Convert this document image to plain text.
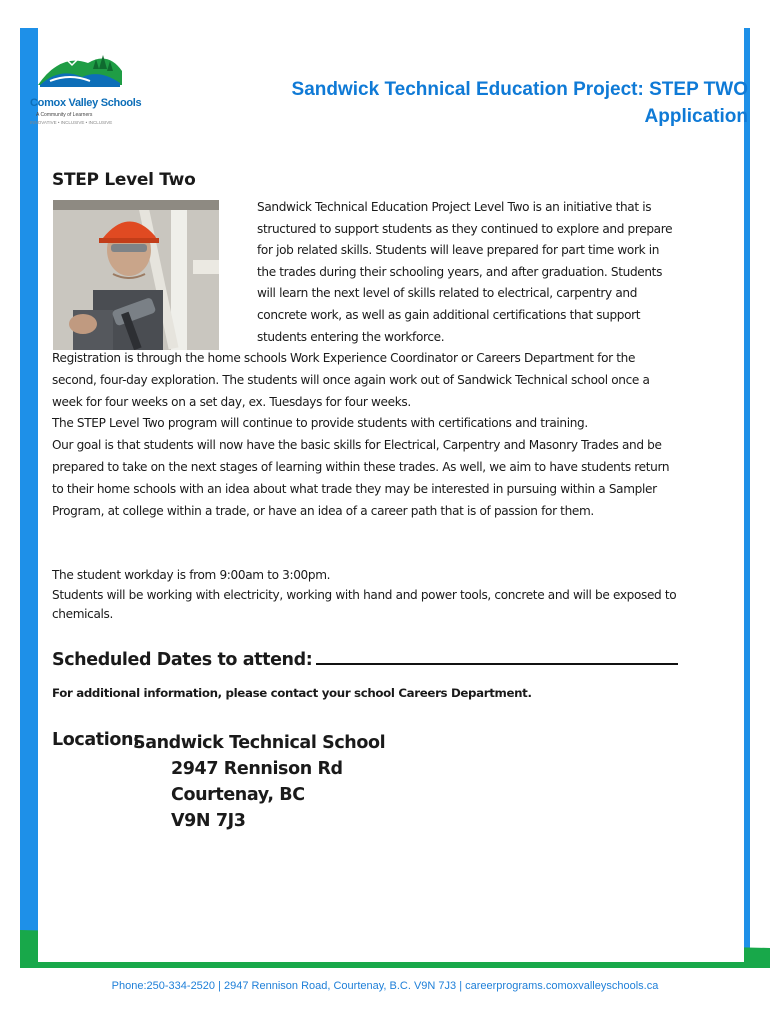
Comox Valley Schools
A Community of Learners
INNOVATIVE • INCLUSIVE • INCLUSIVE
Sandwick Technical Education Project: STEP TWO
Application
STEP Level Two

Sandwick Technical Education Project Level Two is an initiative that is structured to support students as they continued to explore and prepare for job related skills. Students will leave prepared for part time work in the trades during their schooling years, and after graduation. Students will learn the next level of skills related to electrical, carpentry and concrete work, as well as gain additional certifications that support students entering the workforce.

Registration is through the home schools Work Experience Coordinator or Careers Department for the second, four-day exploration. The students will once again work out of Sandwick Technical school once a week for four weeks on a set day, ex. Tuesdays for four weeks.

The STEP Level Two program will continue to provide students with certifications and training.

Our goal is that students will now have the basic skills for Electrical, Carpentry and Masonry Trades and be prepared to take on the next stages of learning within these trades. As well, we aim to have students return to their home schools with an idea about what trade they may be interested in pursuing within a Sampler Program, at college within a trade, or have an idea of a career path that is of passion for them.

The student workday is from 9:00am to 3:00pm.

Students will be working with electricity, working with hand and power tools, concrete and will be exposed to chemicals.

Scheduled Dates to attend:
For additional information, please contact your school Careers Department.
Location:
Sandwick Technical School
2947 Rennison Rd
Courtenay, BC
V9N 7J3
Phone:250-334-2520 | 2947 Rennison Road, Courtenay, B.C. V9N 7J3 | careerprograms.comoxvalleyschools.ca
